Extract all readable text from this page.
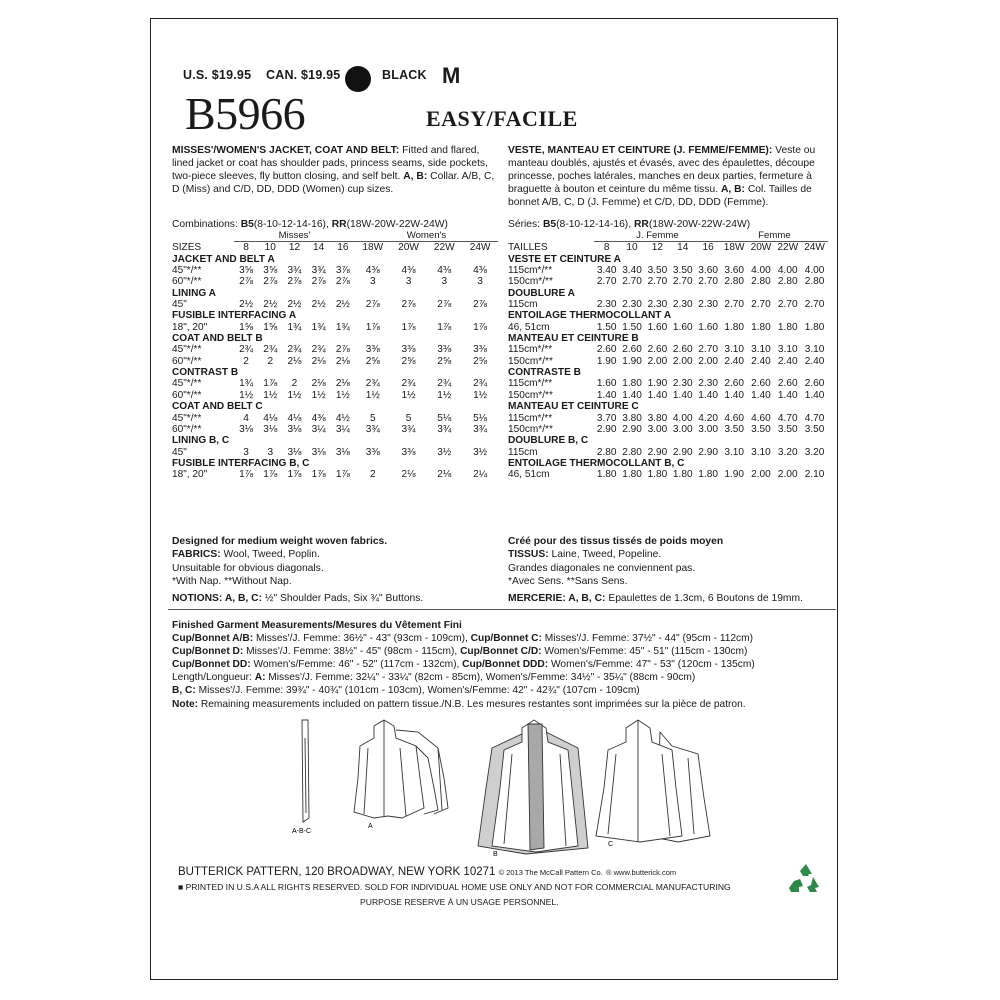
U.S. $19.95 CAN. $19.95	BLACK M
B5966	EASY/FACILE
MISSES'/WOMEN'S JACKET, COAT AND BELT: Fitted and flared, lined jacket or coat has shoulder pads, princess seams, side pockets, two-piece sleeves, fly button closing, and self belt. A, B: Collar. A/B, C, D (Miss) and C/D, DD, DDD (Women) cup sizes.
VESTE, MANTEAU ET CEINTURE (J. FEMME/FEMME): Veste ou manteau doublés, ajustés et évasés, avec des épaulettes, découpe princesse, poches latérales, manches en deux parties, fermeture à braguette à bouton et ceinture du même tissu. A, B: Col. Tailles de bonnet A/B, C, D (J. Femme) et C/D, DD, DDD (Femme).
Combinations: B5(8-10-12-14-16), RR(18W-20W-22W-24W)	Séries: B5(8-10-12-14-16), RR(18W-20W-22W-24W)
	Misses'					Women's			
SIZES	8	10	12	14	16	18W	20W	22W	24W
JACKET AND BELT A									
45"*/**	3⅝	3⅝	3¾	3¾	3⅞	4⅜	4⅜	4⅜	4⅜
60"*/**	2⅞	2⅞	2⅞	2⅞	2⅞	3	3	3	3
LINING A									
45"	2½	2½	2½	2½	2½	2⅞	2⅞	2⅞	2⅞
FUSIBLE INTERFACING A									
18", 20"	1⅝	1⅝	1¾	1¾	1¾	1⅞	1⅞	1⅞	1⅞
COAT AND BELT B									
45"*/**	2¾	2¾	2¾	2¾	2⅞	3⅜	3⅜	3⅜	3⅜
60"*/**	2	2	2⅛	2⅛	2⅛	2⅝	2⅝	2⅝	2⅝
CONTRAST B									
45"*/**	1¾	1⅞	2	2⅛	2⅛	2¾	2¾	2¾	2¾
60"*/**	1½	1½	1½	1½	1½	1½	1½	1½	1½
COAT AND BELT C									
45"*/**	4	4⅛	4⅛	4⅜	4½	5	5	5⅛	5⅛
60"*/**	3⅛	3⅛	3⅛	3¼	3¼	3¾	3¾	3¾	3¾
LINING B, C									
45"	3	3	3⅛	3⅛	3⅛	3⅜	3⅜	3½	3½
FUSIBLE INTERFACING B, C									
18", 20"	1⅞	1⅞	1⅞	1⅞	1⅞	2	2⅛	2⅛	2¼
	J. Femme					Femme			
TAILLES	8	10	12	14	16	18W	20W	22W	24W
VESTE ET CEINTURE A									
115cm*/**	3.40	3.40	3.50	3.50	3.60	3.60	4.00	4.00	4.00
150cm*/**	2.70	2.70	2.70	2.70	2.70	2.80	2.80	2.80	2.80
DOUBLURE A									
115cm	2.30	2.30	2.30	2.30	2.30	2.70	2.70	2.70	2.70
ENTOILAGE THERMOCOLLANT A									
46, 51cm	1.50	1.50	1.60	1.60	1.60	1.80	1.80	1.80	1.80
MANTEAU ET CEINTURE B									
115cm*/**	2.60	2.60	2.60	2.60	2.70	3.10	3.10	3.10	3.10
150cm*/**	1.90	1.90	2.00	2.00	2.00	2.40	2.40	2.40	2.40
CONTRASTE B									
115cm*/**	1.60	1.80	1.90	2.30	2.30	2.60	2.60	2.60	2.60
150cm*/**	1.40	1.40	1.40	1.40	1.40	1.40	1.40	1.40	1.40
MANTEAU ET CEINTURE C									
115cm*/**	3.70	3.80	3.80	4.00	4.20	4.60	4.60	4.70	4.70
150cm*/**	2.90	2.90	3.00	3.00	3.00	3.50	3.50	3.50	3.50
DOUBLURE B, C									
115cm	2.80	2.80	2.90	2.90	2.90	3.10	3.10	3.20	3.20
ENTOILAGE THERMOCOLLANT B, C									
46, 51cm	1.80	1.80	1.80	1.80	1.80	1.90	2.00	2.00	2.10
Designed for medium weight woven fabrics.
FABRICS: Wool, Tweed, Poplin.
Unsuitable for obvious diagonals.
*With Nap. **Without Nap.
Créé pour des tissus tissés de poids moyen
TISSUS: Laine, Tweed, Popeline.
Grandes diagonales ne conviennent pas.
*Avec Sens. **Sans Sens.
NOTIONS: A, B, C: ½" Shoulder Pads, Six ¾" Buttons.	MERCERIE: A, B, C: Epaulettes de 1.3cm, 6 Boutons de 19mm.
Finished Garment Measurements/Mesures du Vêtement Fini
Cup/Bonnet A/B: Misses'/J. Femme: 36½" - 43" (93cm - 109cm), Cup/Bonnet C: Misses'/J. Femme: 37½" - 44" (95cm - 112cm)
Cup/Bonnet D: Misses'/J. Femme: 38½" - 45" (98cm - 115cm), Cup/Bonnet C/D: Women's/Femme: 45" - 51" (115cm - 130cm)
Cup/Bonnet DD: Women's/Femme: 46" - 52" (117cm - 132cm), Cup/Bonnet DDD: Women's/Femme: 47" - 53" (120cm - 135cm)
Length/Longueur: A: Misses'/J. Femme: 32¼" - 33¼" (82cm - 85cm), Women's/Femme: 34½" - 35¼" (88cm - 90cm)
B, C: Misses'/J. Femme: 39¾" - 40¾" (101cm - 103cm), Women's/Femme: 42" - 42¾" (107cm - 109cm)
Note: Remaining measurements included on pattern tissue./N.B. Les mesures restantes sont imprimées sur la pièce de patron.
A-B-C
A
B
C
BUTTERICK PATTERN, 120 BROADWAY, NEW YORK 10271 © 2013 The McCall Pattern Co. ® www.butterick.com
■ PRINTED IN U.S.A ALL RIGHTS RESERVED. SOLD FOR INDIVIDUAL HOME USE ONLY AND NOT FOR COMMERCIAL MANUFACTURING
PURPOSE RESERVE À UN USAGE PERSONNEL.
